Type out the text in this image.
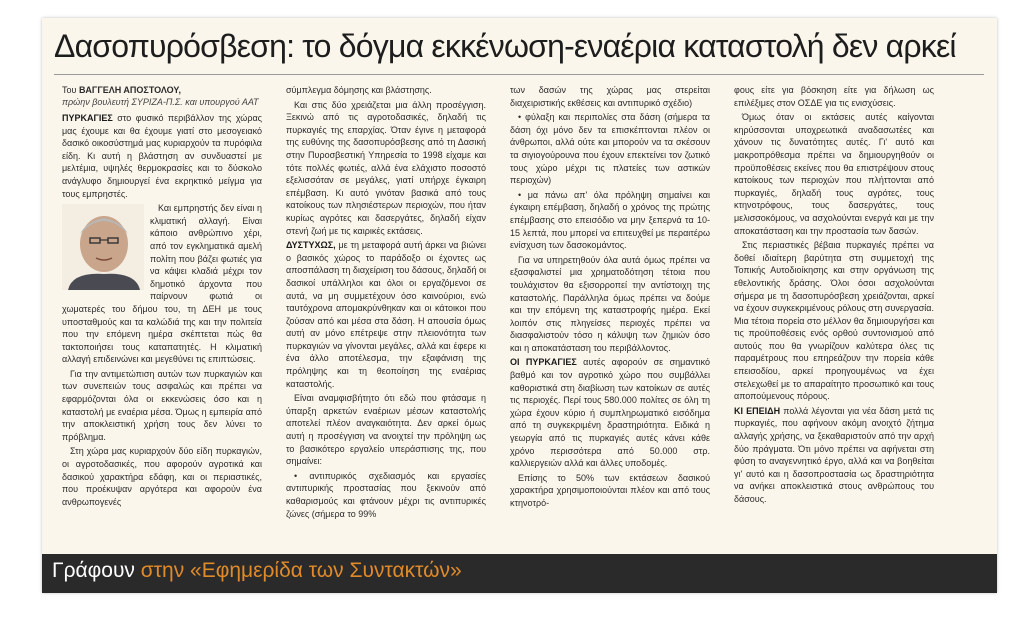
Δασοπυρόσβεση: το δόγμα εκκένωση-εναέρια καταστολή δεν αρκεί
Του ΒΑΓΓΕΛΗ ΑΠΟΣΤΟΛΟΥ,
πρώην βουλευτή ΣΥΡΙΖΑ-Π.Σ. και υπουργού ΑΑΤ

ΠΥΡΚΑΓΙΕΣ στο φυσικό περιβάλλον της χώρας μας έχουμε και θα έχουμε γιατί στο μεσογειακό δασικό οικοσύστημά μας κυριαρχούν τα πυρόφιλα είδη. Κι αυτή η βλάστηση αν συνδυαστεί με μελτέμια, υψηλές θερμοκρασίες και το δύσκολο ανάγλυφο δημιουργεί ένα εκρηκτικό μείγμα για τους εμπρηστές.

Και εμπρηστής δεν είναι η κλιματική αλλαγή. Είναι κάποιο ανθρώπινο χέρι, από τον εγκληματικά αμελή πολίτη που βάζει φωτιές για να κάψει κλαδιά μέχρι τον δημοτικό άρχοντα που παίρνουν φωτιά οι χωματερές του δήμου του, τη ΔΕΗ με τους υποσταθμούς και τα καλώδιά της και την πολιτεία που την επόμενη ημέρα σκέπτεται πώς θα τακτοποιήσει τους καταπατητές. Η κλιματική αλλαγή επιδεινώνει και μεγεθύνει τις επιπτώσεις.

Για την αντιμετώπιση αυτών των πυρκαγιών και των συνεπειών τους ασφαλώς και πρέπει να εφαρμόζονται όλα οι εκκενώσεις όσο και η καταστολή με εναέρια μέσα. Όμως η εμπειρία από την αποκλειστική χρήση τους δεν λύνει το πρόβλημα.

Στη χώρα μας κυριαρχούν δύο είδη πυρκαγιών, οι αγροτοδασικές, που αφορούν αγροτικά και δασικού χαρακτήρα εδάφη, και οι περιαστικές, που προέκυψαν αργότερα και αφορούν ένα ανθρωπογενές

σύμπλεγμα δόμησης και βλάστησης.

Και στις δύο χρειάζεται μια άλλη προσέγγιση. Ξεκινώ από τις αγροτοδασικές, δηλαδή τις πυρκαγιές της επαρχίας. Όταν έγινε η μεταφορά της ευθύνης της δασοπυρόσβεσης από τη Δασική στην Πυροσβεστική Υπηρεσία το 1998 είχαμε και τότε πολλές φωτιές, αλλά ένα ελάχιστο ποσοστό εξελισσόταν σε μεγάλες, γιατί υπήρχε έγκαιρη επέμβαση. Κι αυτό γινόταν βασικά από τους κατοίκους των πλησιέστερων περιοχών, που ήταν κυρίως αγρότες και δασεργάτες, δηλαδή είχαν στενή ζωή με τις καιρικές εκτάσεις.

ΔΥΣΤΥΧΩΣ, με τη μεταφορά αυτή άρκει να βιώνει ο βασικός χώρος το παράδοξο οι έχοντες ως αποσπάλαση τη διαχείριση του δάσους, δηλαδή οι δασικοί υπάλληλοι και όλοι οι εργαζόμενοι σε αυτά, να μη συμμετέχουν όσο καινούριοι, ενώ ταυτόχρονα απομακρύνθηκαν και οι κάτοικοι που ζούσαν από και μέσα στα δάση. Η απουσία όμως αυτή αν μόνο επέτρεψε στην πλειονότητα των πυρκαγιών να γίνονται μεγάλες, αλλά και έφερε κι ένα άλλο αποτέλεσμα, την εξαφάνιση της πρόληψης και τη θεοποίηση της εναέριας καταστολής.

Είναι αναμφισβήτητο ότι εδώ που φτάσαμε η ύπαρξη αρκετών εναέριων μέσων καταστολής αποτελεί πλέον αναγκαιότητα. Δεν αρκεί όμως αυτή η προσέγγιση να ανοιχτεί την πρόληψη ως το βασικότερο εργαλείο υπεράσπισης της, που σημαίνει:

• αντιπυρικός σχεδιασμός και εργασίες αντιπυρικής προστασίας που ξεκινούν από καθαρισμούς και φτάνουν μέχρι τις αντιπυρικές ζώνες (σήμερα το 99%

των δασών της χώρας μας στερείται διαχειριστικής εκθέσεις και αντιπυρικό σχέδιο)

• φύλαξη και περιπολίες στα δάση (σήμερα τα δάση όχι μόνο δεν τα επισκέπτονται πλέον οι άνθρωποι, αλλά ούτε και μπορούν να τα σκέσουν τα σιγιογούρουνα που έχουν επεκτείνει τον ζωτικό τους χώρο μέχρι τις πλατείες των αστικών περιοχών)

• μα πάνω απ' όλα πρόληψη σημαίνει και έγκαιρη επέμβαση, δηλαδή ο χρόνος της πρώτης επέμβασης στο επεισόδιο να μην ξεπερνά τα 10-15 λεπτά, που μπορεί να επιτευχθεί με περαιτέρω ενίσχυση των δασοκομάντος.

Για να υπηρετηθούν όλα αυτά όμως πρέπει να εξασφαλιστεί μια χρηματοδότηση τέτοια που τουλάχιστον θα εξισορροπεί την αντίστοιχη της καταστολής. Παράλληλα όμως πρέπει να δούμε και την επόμενη της καταστροφής ημέρα. Εκεί λοιπόν στις πληγείσες περιοχές πρέπει να διασφαλιστούν τόσο η κάλυψη των ζημιών όσο και η αποκατάσταση του περιβάλλοντος.

ΟΙ ΠΥΡΚΑΓΙΕΣ αυτές αφορούν σε σημαντικό βαθμό και τον αγροτικό χώρο που συμβάλλει καθοριστικά στη διαβίωση των κατοίκων σε αυτές τις περιοχές. Περί τους 580.000 πολίτες σε όλη τη χώρα έχουν κύριο ή συμπληρωματικό εισόδημα από τη συγκεκριμένη δραστηριότητα. Ειδικά η γεωργία από τις πυρκαγιές αυτές κάνει κάθε χρόνο περισσότερα από 50.000 στρ. καλλιεργειών αλλά και άλλες υποδομές.

Επίσης το 50% των εκτάσεων δασικού χαρακτήρα χρησιμοποιούνται πλέον και από τους κτηνοτρό-

φους είτε για βόσκηση είτε για δήλωση ως επιλέξιμες στον ΟΣΔΕ για τις ενισχύσεις.

Όμως όταν οι εκτάσεις αυτές καίγονται κηρύσσονται υποχρεωτικά αναδασωτέες και χάνουν τις δυνατότητες αυτές. Γι' αυτό και μακροπρόθεσμα πρέπει να δημιουργηθούν οι προϋποθέσεις εκείνες που θα επιστρέψουν στους κατοίκους των περιοχών που πλήττονται από πυρκαγιές, δηλαδή τους αγρότες, τους κτηνοτρόφους, τους δασεργάτες, τους μελισσοκόμους, να ασχολούνται ενεργά και με την αποκατάσταση και την προστασία των δασών.

Στις περιαστικές βέβαια πυρκαγιές πρέπει να δοθεί ιδιαίτερη βαρύτητα στη συμμετοχή της Τοπικής Αυτοδιοίκησης και στην οργάνωση της εθελοντικής δράσης. Όλοι όσοι ασχολούνται σήμερα με τη δασοπυρόσβεση χρειάζονται, αρκεί να έχουν συγκεκριμένους ρόλους στη συνεργασία. Μια τέτοια πορεία στο μέλλον θα δημιουργήσει και τις προϋποθέσεις ενός ορθού συντονισμού από αυτούς που θα γνωρίζουν καλύτερα όλες τις παραμέτρους που επηρεάζουν την πορεία κάθε επεισοδίου, αρκεί προηγουμένως να έχει στελεχωθεί με το απαραίτητο προσωπικό και τους αποπούμενους πόρους.

ΚΙ ΕΠΕΙΔΗ πολλά λέγονται για νέα δάση μετά τις πυρκαγιές, που αφήνουν ακόμη ανοιχτό ζήτημα αλλαγής χρήσης, να ξεκαθαριστούν από την αρχή δύο πράγματα. Ότι μόνο πρέπει να αφήνεται στη φύση το αναγεννητικό έργο, αλλά και να βοηθείται γι' αυτό και η δασοπροστασία ως δραστηριότητα να ανήκει αποκλειστικά στους ανθρώπους του δάσους.

Γράφουν στην «Εφημερίδα των Συντακτών»
